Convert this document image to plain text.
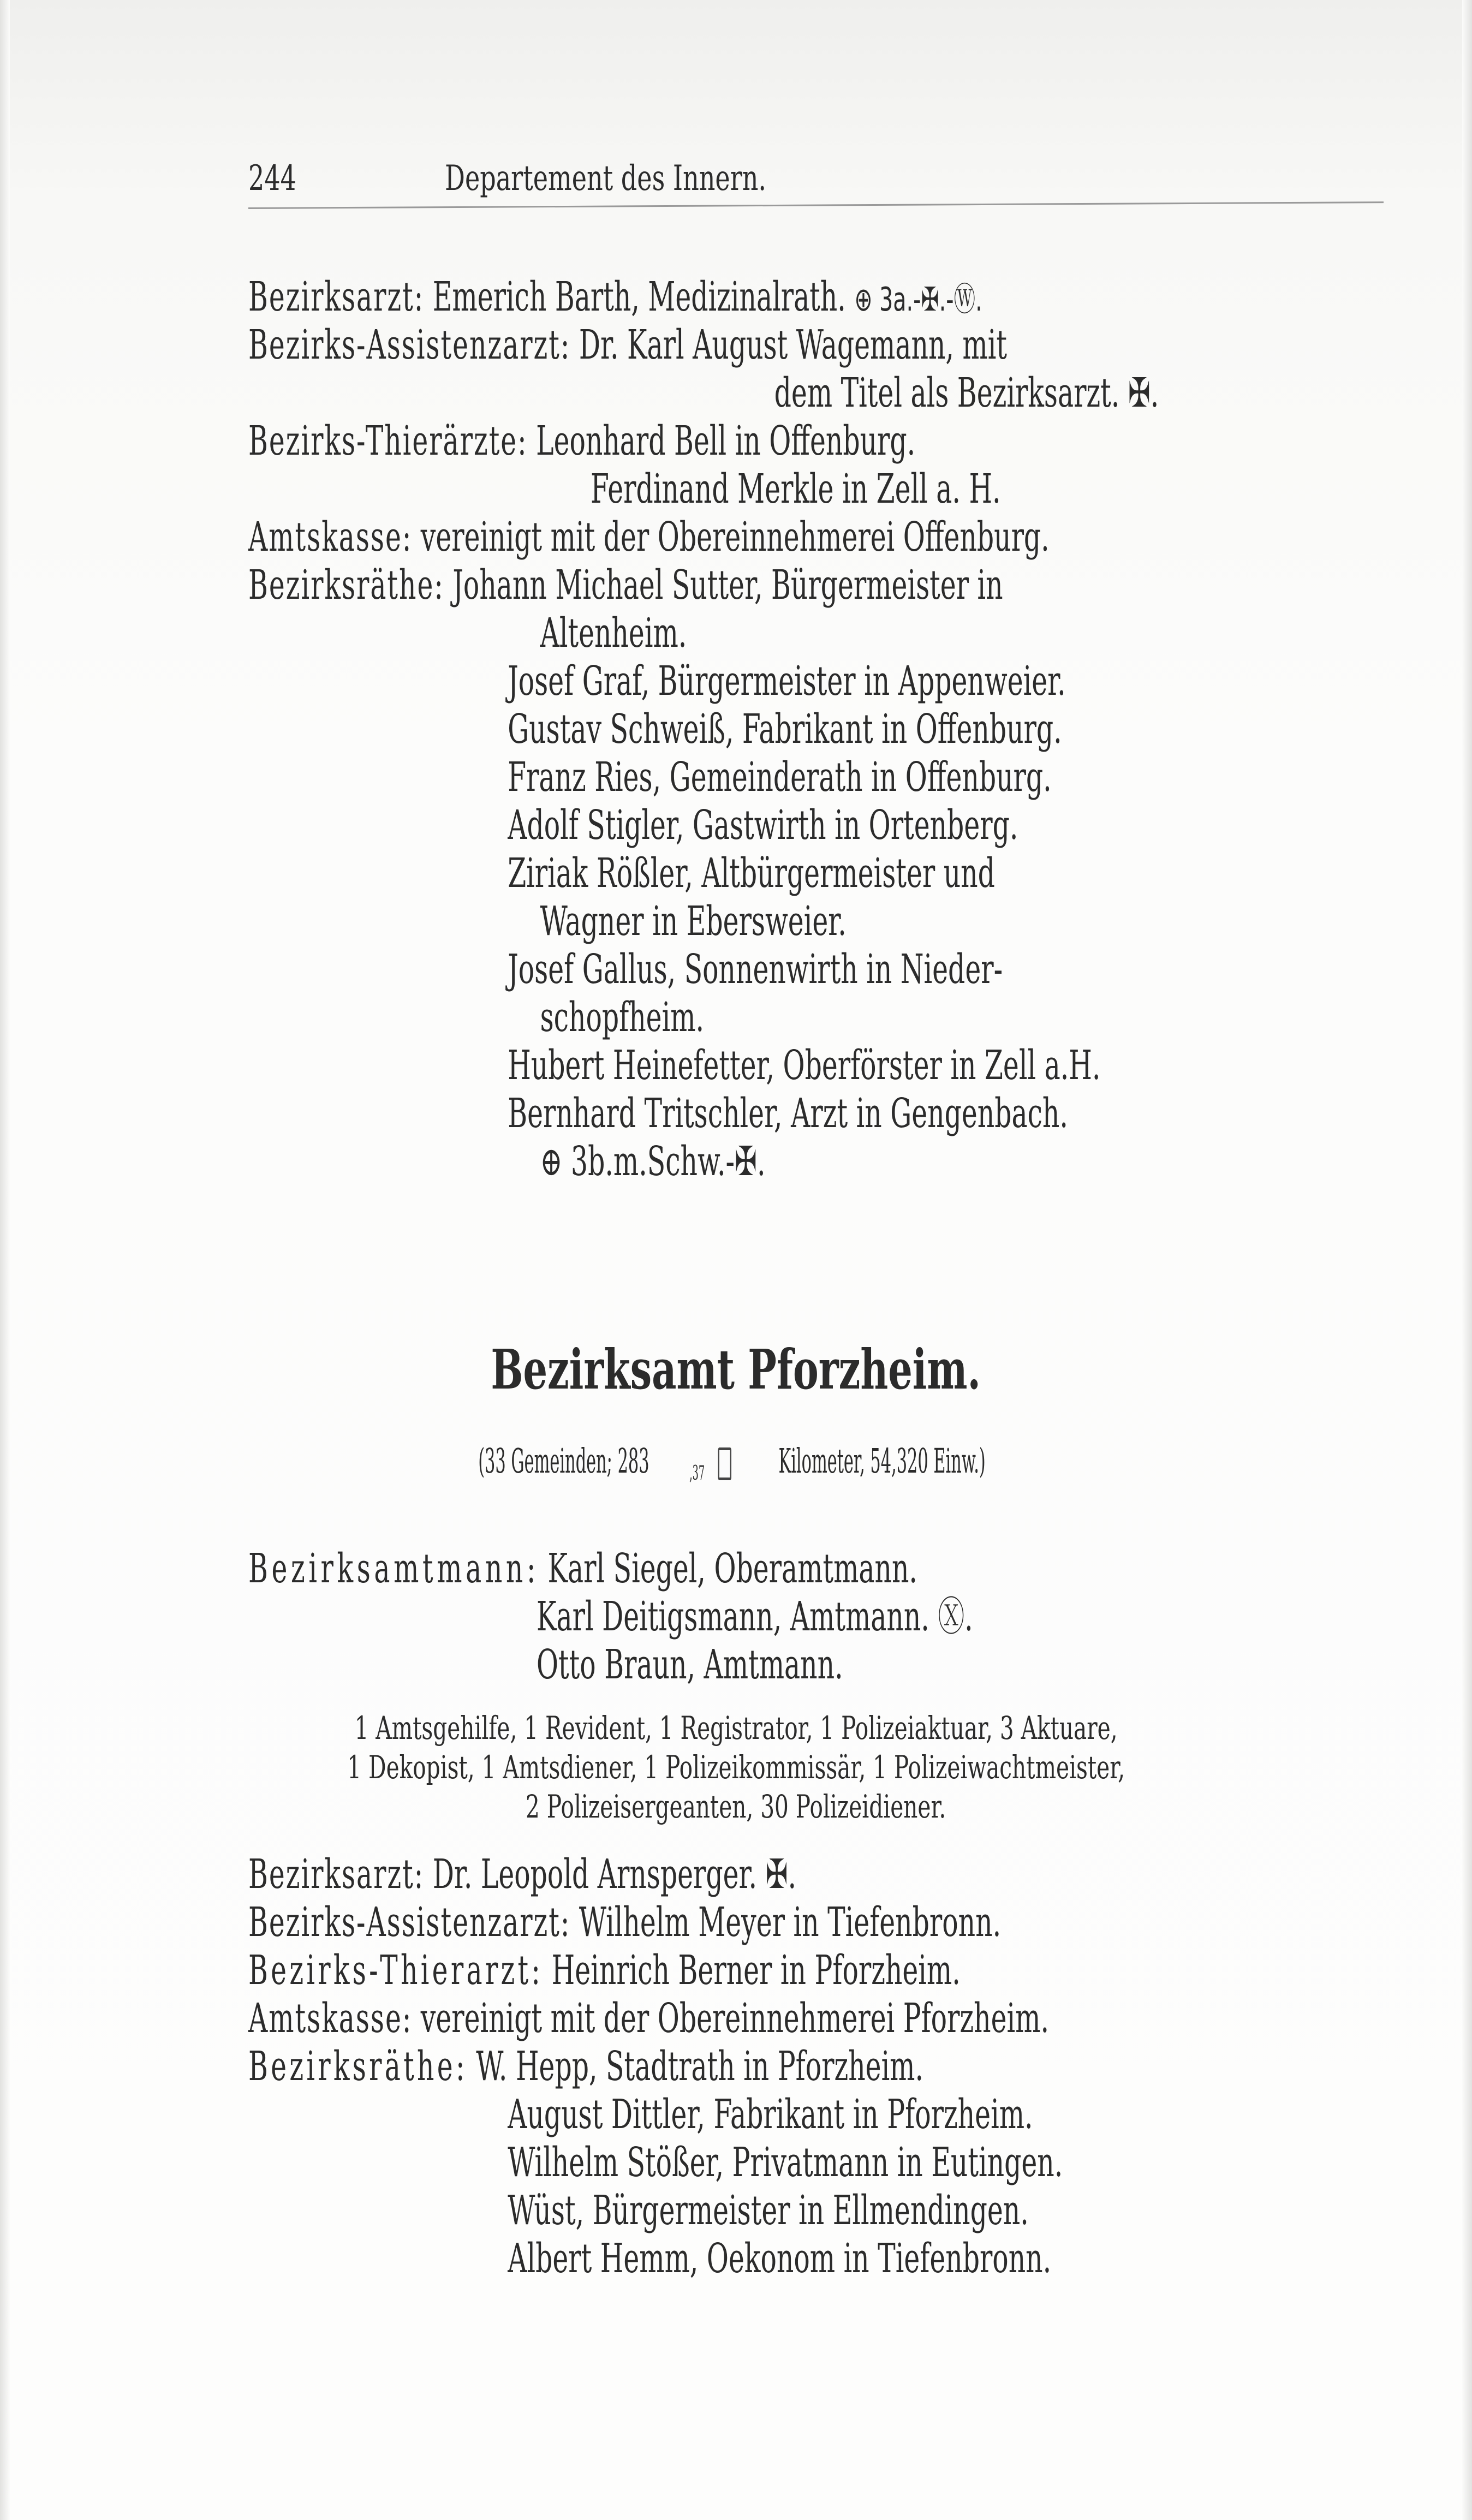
244	Departement des Innern.
Bezirksarzt: Emerich Barth, Medizinalrath. ⊕ 3a.-✠.-Ⓦ.
Bezirks-Assistenzarzt: Dr. Karl August Wagemann, mit
dem Titel als Bezirksarzt. ✠.
Bezirks-Thierärzte: Leonhard Bell in Offenburg.
Ferdinand Merkle in Zell a. H.
Amtskasse: vereinigt mit der Obereinnehmerei Offenburg.
Bezirksräthe: Johann Michael Sutter, Bürgermeister in
Altenheim.
Josef Graf, Bürgermeister in Appenweier.
Gustav Schweiß, Fabrikant in Offenburg.
Franz Ries, Gemeinderath in Offenburg.
Adolf Stigler, Gastwirth in Ortenberg.
Ziriak Rößler, Altbürgermeister und
Wagner in Ebersweier.
Josef Gallus, Sonnenwirth in Nieder-
schopfheim.
Hubert Heinefetter, Oberförster in Zell a.H.
Bernhard Tritschler, Arzt in Gengenbach.
⊕ 3b.m.Schw.-✠.
Bezirksamt Pforzheim.
(33 Gemeinden; 283 ,37 Kilometer, 54,320 Einw.)
Bezirksamtmann: Karl Siegel, Oberamtmann.
Karl Deitigsmann, Amtmann. Ⓧ.
Otto Braun, Amtmann.
1 Amtsgehilfe, 1 Revident, 1 Registrator, 1 Polizeiaktuar, 3 Aktuare,
1 Dekopist, 1 Amtsdiener, 1 Polizeikommissär, 1 Polizeiwachtmeister,
2 Polizeisergeanten, 30 Polizeidiener.
Bezirksarzt: Dr. Leopold Arnsperger. ✠.
Bezirks-Assistenzarzt: Wilhelm Meyer in Tiefenbronn.
Bezirks-Thierarzt: Heinrich Berner in Pforzheim.
Amtskasse: vereinigt mit der Obereinnehmerei Pforzheim.
Bezirksräthe: W. Hepp, Stadtrath in Pforzheim.
August Dittler, Fabrikant in Pforzheim.
Wilhelm Stößer, Privatmann in Eutingen.
Wüst, Bürgermeister in Ellmendingen.
Albert Hemm, Oekonom in Tiefenbronn.
